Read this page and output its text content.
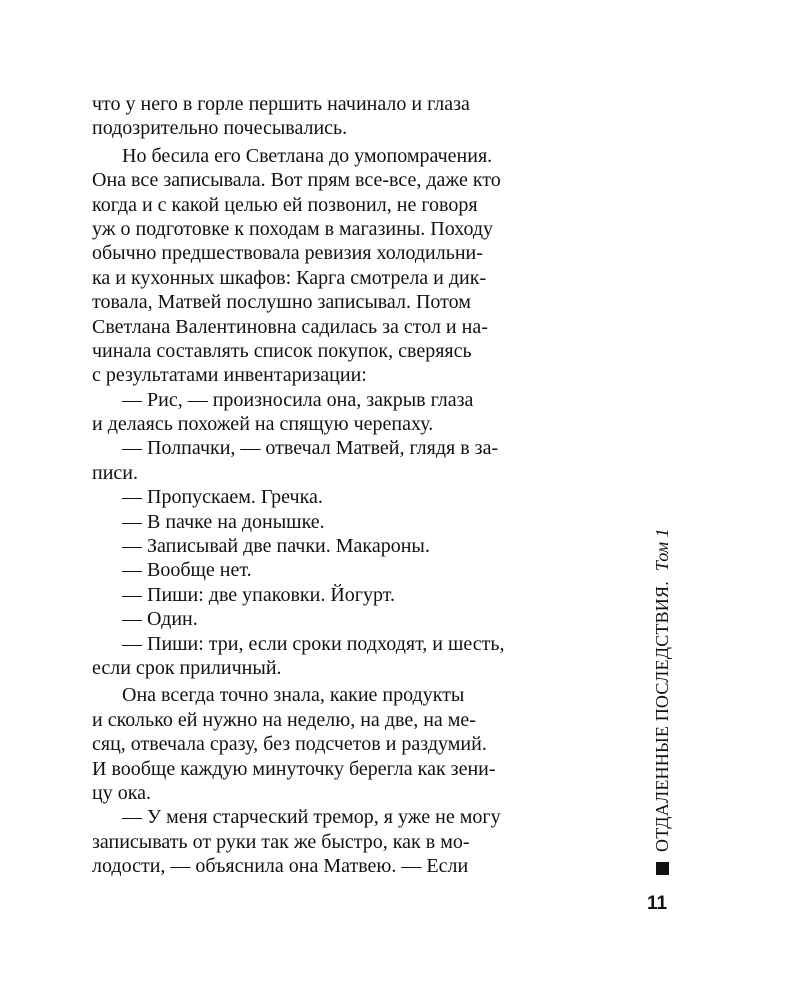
что у него в горле першить начинало и глаза
подозрительно почесывались.
Но бесила его Светлана до умопомрачения.
Она все записывала. Вот прям все-все, даже кто
когда и с какой целью ей позвонил, не говоря
уж о подготовке к походам в магазины. Походу
обычно предшествовала ревизия холодильни-
ка и кухонных шкафов: Карга смотрела и дик-
товала, Матвей послушно записывал. Потом
Светлана Валентиновна садилась за стол и на-
чинала составлять список покупок, сверяясь
с результатами инвентаризации:
— Рис, — произносила она, закрыв глаза
и делаясь похожей на спящую черепаху.
— Полпачки, — отвечал Матвей, глядя в за-
писи.
— Пропускаем. Гречка.
— В пачке на донышке.
— Записывай две пачки. Макароны.
— Вообще нет.
— Пиши: две упаковки. Йогурт.
— Один.
— Пиши: три, если сроки подходят, и шесть,
если срок приличный.
Она всегда точно знала, какие продукты
и сколько ей нужно на неделю, на две, на ме-
сяц, отвечала сразу, без подсчетов и раздумий.
И вообще каждую минуточку берегла как зени-
цу ока.
— У меня старческий тремор, я уже не могу
записывать от руки так же быстро, как в мо-
лодости, — объяснила она Матвею. — Если
ОТДАЛЕННЫЕ ПОСЛЕДСТВИЯ.
Том 1
11
